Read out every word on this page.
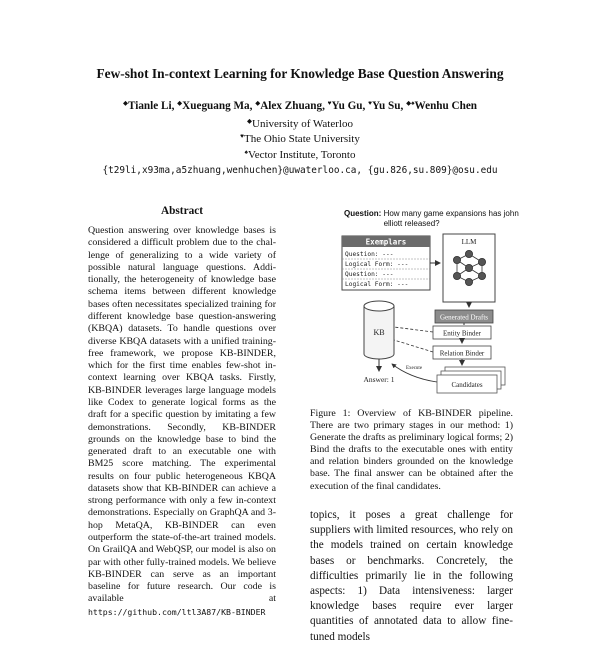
Few-shot In-context Learning for Knowledge Base Question Answering
◆Tianle Li, ◆Xueguang Ma, ◆Alex Zhuang, ♥Yu Gu, ♥Yu Su, ◆♠Wenhu Chen
◆University of Waterloo
♥The Ohio State University
♠Vector Institute, Toronto
{t29li,x93ma,a5zhuang,wenhuchen}@uwaterloo.ca, {gu.826,su.809}@osu.edu
Abstract
Question answering over knowledge bases is considered a difficult problem due to the challenge of generalizing to a wide variety of possible natural language questions. Additionally, the heterogeneity of knowledge base schema items between different knowledge bases often necessitates specialized training for different knowledge base question-answering (KBQA) datasets. To handle questions over diverse KBQA datasets with a unified training-free framework, we propose KB-BINDER, which for the first time enables few-shot in-context learning over KBQA tasks. Firstly, KB-BINDER leverages large language models like Codex to generate logical forms as the draft for a specific question by imitating a few demonstrations. Secondly, KB-BINDER grounds on the knowledge base to bind the generated draft to an executable one with BM25 score matching. The experimental results on four public heterogeneous KBQA datasets show that KB-BINDER can achieve a strong performance with only a few in-context demonstrations. Especially on GraphQA and 3-hop MetaQA, KB-BINDER can even outperform the state-of-the-art trained models. On GrailQA and WebQSP, our model is also on par with other fully-trained models. We believe KB-BINDER can serve as an important baseline for future research. Our code is available at https://github.com/ltl3A87/KB-BINDER
Question: How many game expansions has john elliott released?
Exemplars
Question: ---
Logical Form: ---
Question: ---
Logical Form: ---
LLM
Generated Drafts
Entity Binder
Relation Binder
Candidates
KB
Execute
Answer: 1
Figure 1: Overview of KB-BINDER pipeline. There are two primary stages in our method: 1) Generate the drafts as preliminary logical forms; 2) Bind the drafts to the executable ones with entity and relation binders grounded on the knowledge base. The final answer can be obtained after the execution of the final candidates.
topics, it poses a great challenge for suppliers with limited resources, who rely on the models trained on certain knowledge bases or benchmarks. Concretely, the difficulties primarily lie in the following aspects: 1) Data intensiveness: larger knowledge bases require ever larger quantities of annotated data to allow fine-tuned models
